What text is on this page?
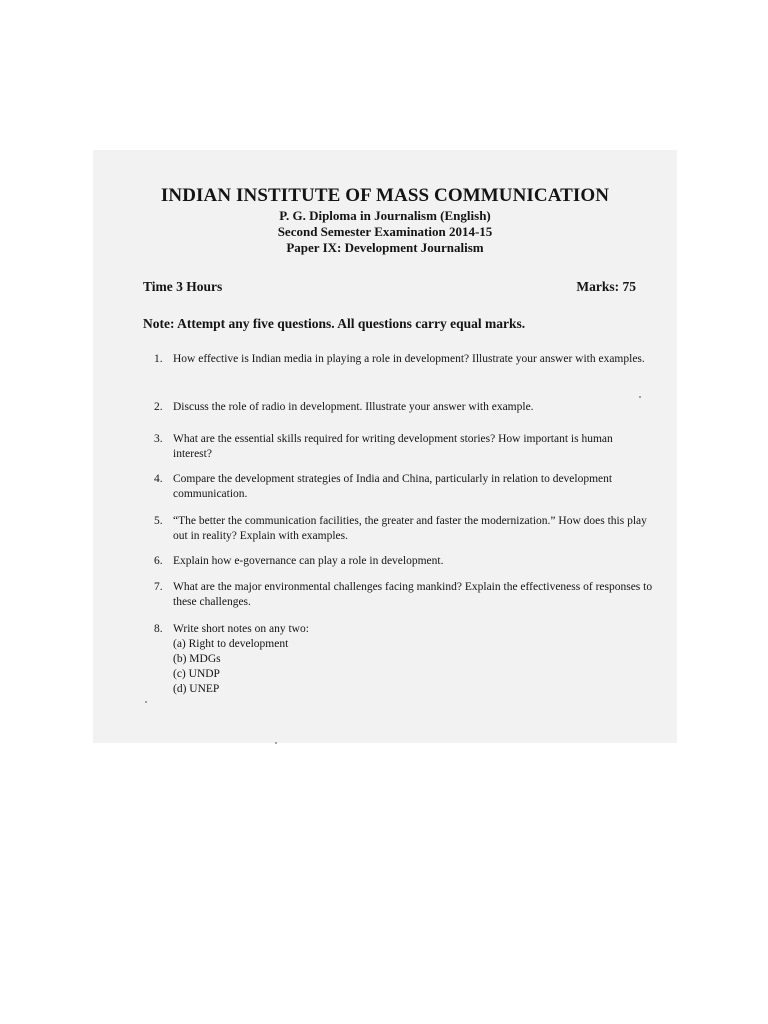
INDIAN INSTITUTE OF MASS COMMUNICATION
P. G. Diploma in Journalism (English)
Second Semester Examination 2014-15
Paper IX: Development Journalism
Time 3 Hours	Marks: 75
Note: Attempt any five questions. All questions carry equal marks.
1. How effective is Indian media in playing a role in development? Illustrate your answer with examples.
2. Discuss the role of radio in development. Illustrate your answer with example.
3. What are the essential skills required for writing development stories? How important is human interest?
4. Compare the development strategies of India and China, particularly in relation to development communication.
5. “The better the communication facilities, the greater and faster the modernization.” How does this play out in reality? Explain with examples.
6. Explain how e-governance can play a role in development.
7. What are the major environmental challenges facing mankind? Explain the effectiveness of responses to these challenges.
8. Write short notes on any two:
(a) Right to development
(b) MDGs
(c) UNDP
(d) UNEP
